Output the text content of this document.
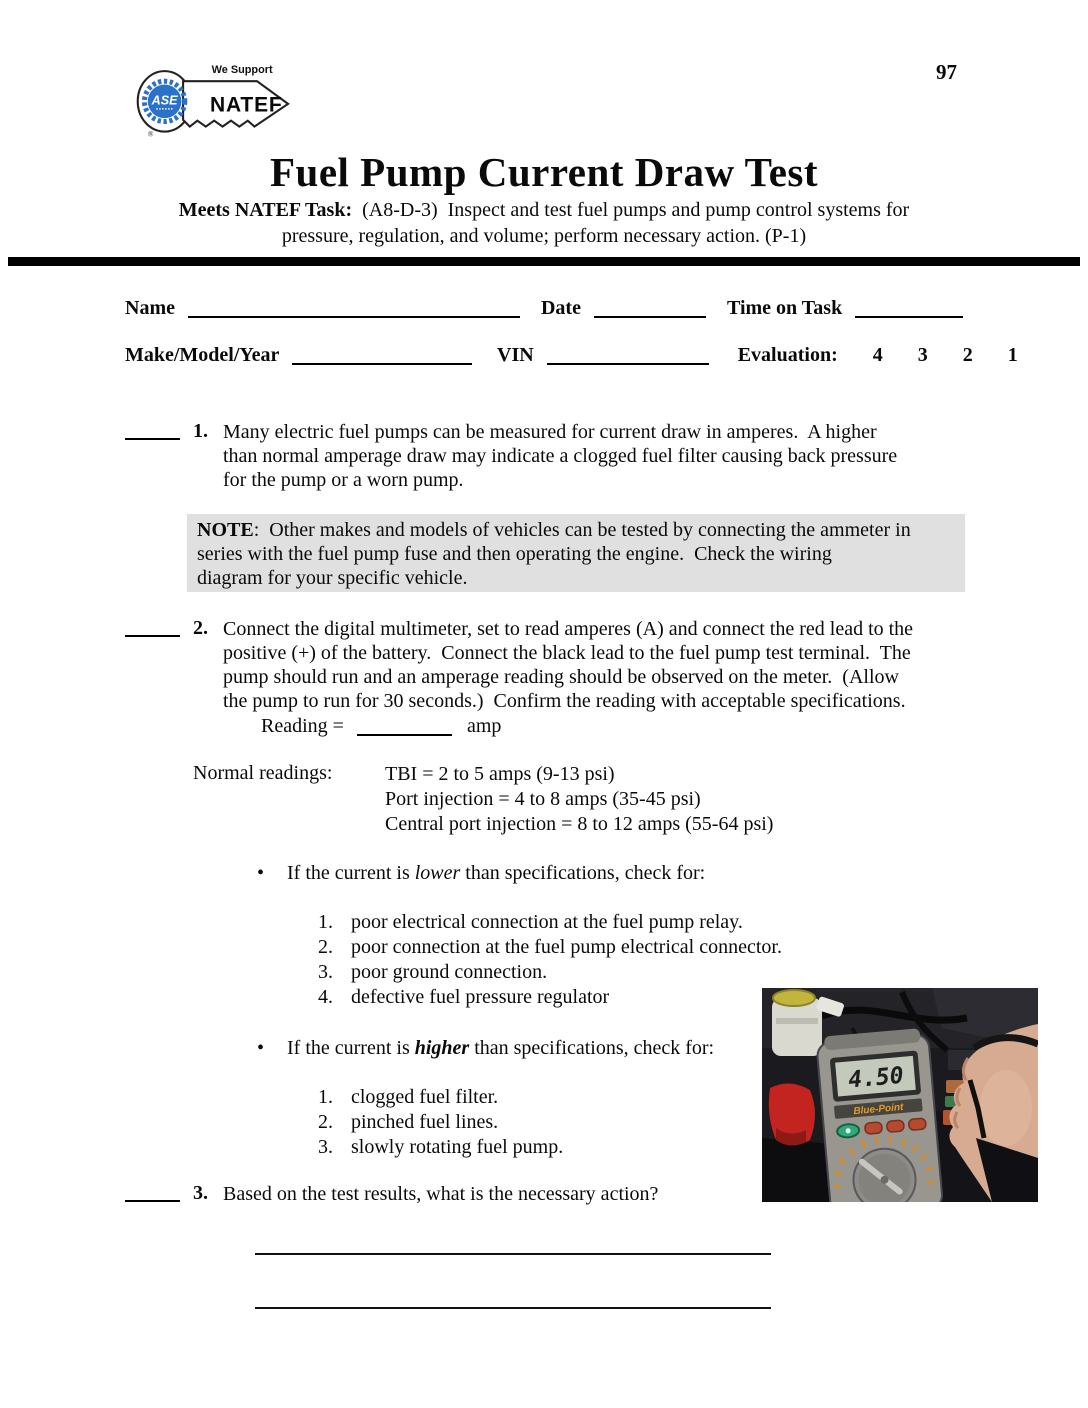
ASE
We Support
NATEF
®
97
Fuel Pump Current Draw Test
Meets NATEF Task:  (A8-D-3)  Inspect and test fuel pumps and pump control systems for
pressure, regulation, and volume; perform necessary action. (P-1)
Name	Date	Time on Task
Make/Model/Year	VIN	Evaluation: 4 3 2 1
1. Many electric fuel pumps can be measured for current draw in amperes.  A higher
than normal amperage draw may indicate a clogged fuel filter causing back pressure
for the pump or a worn pump.
NOTE:  Other makes and models of vehicles can be tested by connecting the ammeter in
series with the fuel pump fuse and then operating the engine.  Check the wiring
diagram for your specific vehicle.
2. Connect the digital multimeter, set to read amperes (A) and connect the red lead to the
positive (+) of the battery.  Connect the black lead to the fuel pump test terminal.  The
pump should run and an amperage reading should be observed on the meter.  (Allow
the pump to run for 30 seconds.)  Confirm the reading with acceptable specifications.
Reading =	amp
Normal readings:	TBI = 2 to 5 amps (9-13 psi)
Port injection = 4 to 8 amps (35-45 psi)
Central port injection = 8 to 12 amps (55-64 psi)
• If the current is lower than specifications, check for:
1. poor electrical connection at the fuel pump relay.
2. poor connection at the fuel pump electrical connector.
3. poor ground connection.
4. defective fuel pressure regulator
• If the current is higher than specifications, check for:
1. clogged fuel filter.
2. pinched fuel lines.
3. slowly rotating fuel pump.
3. Based on the test results, what is the necessary action?
4.50
Blue-Point
